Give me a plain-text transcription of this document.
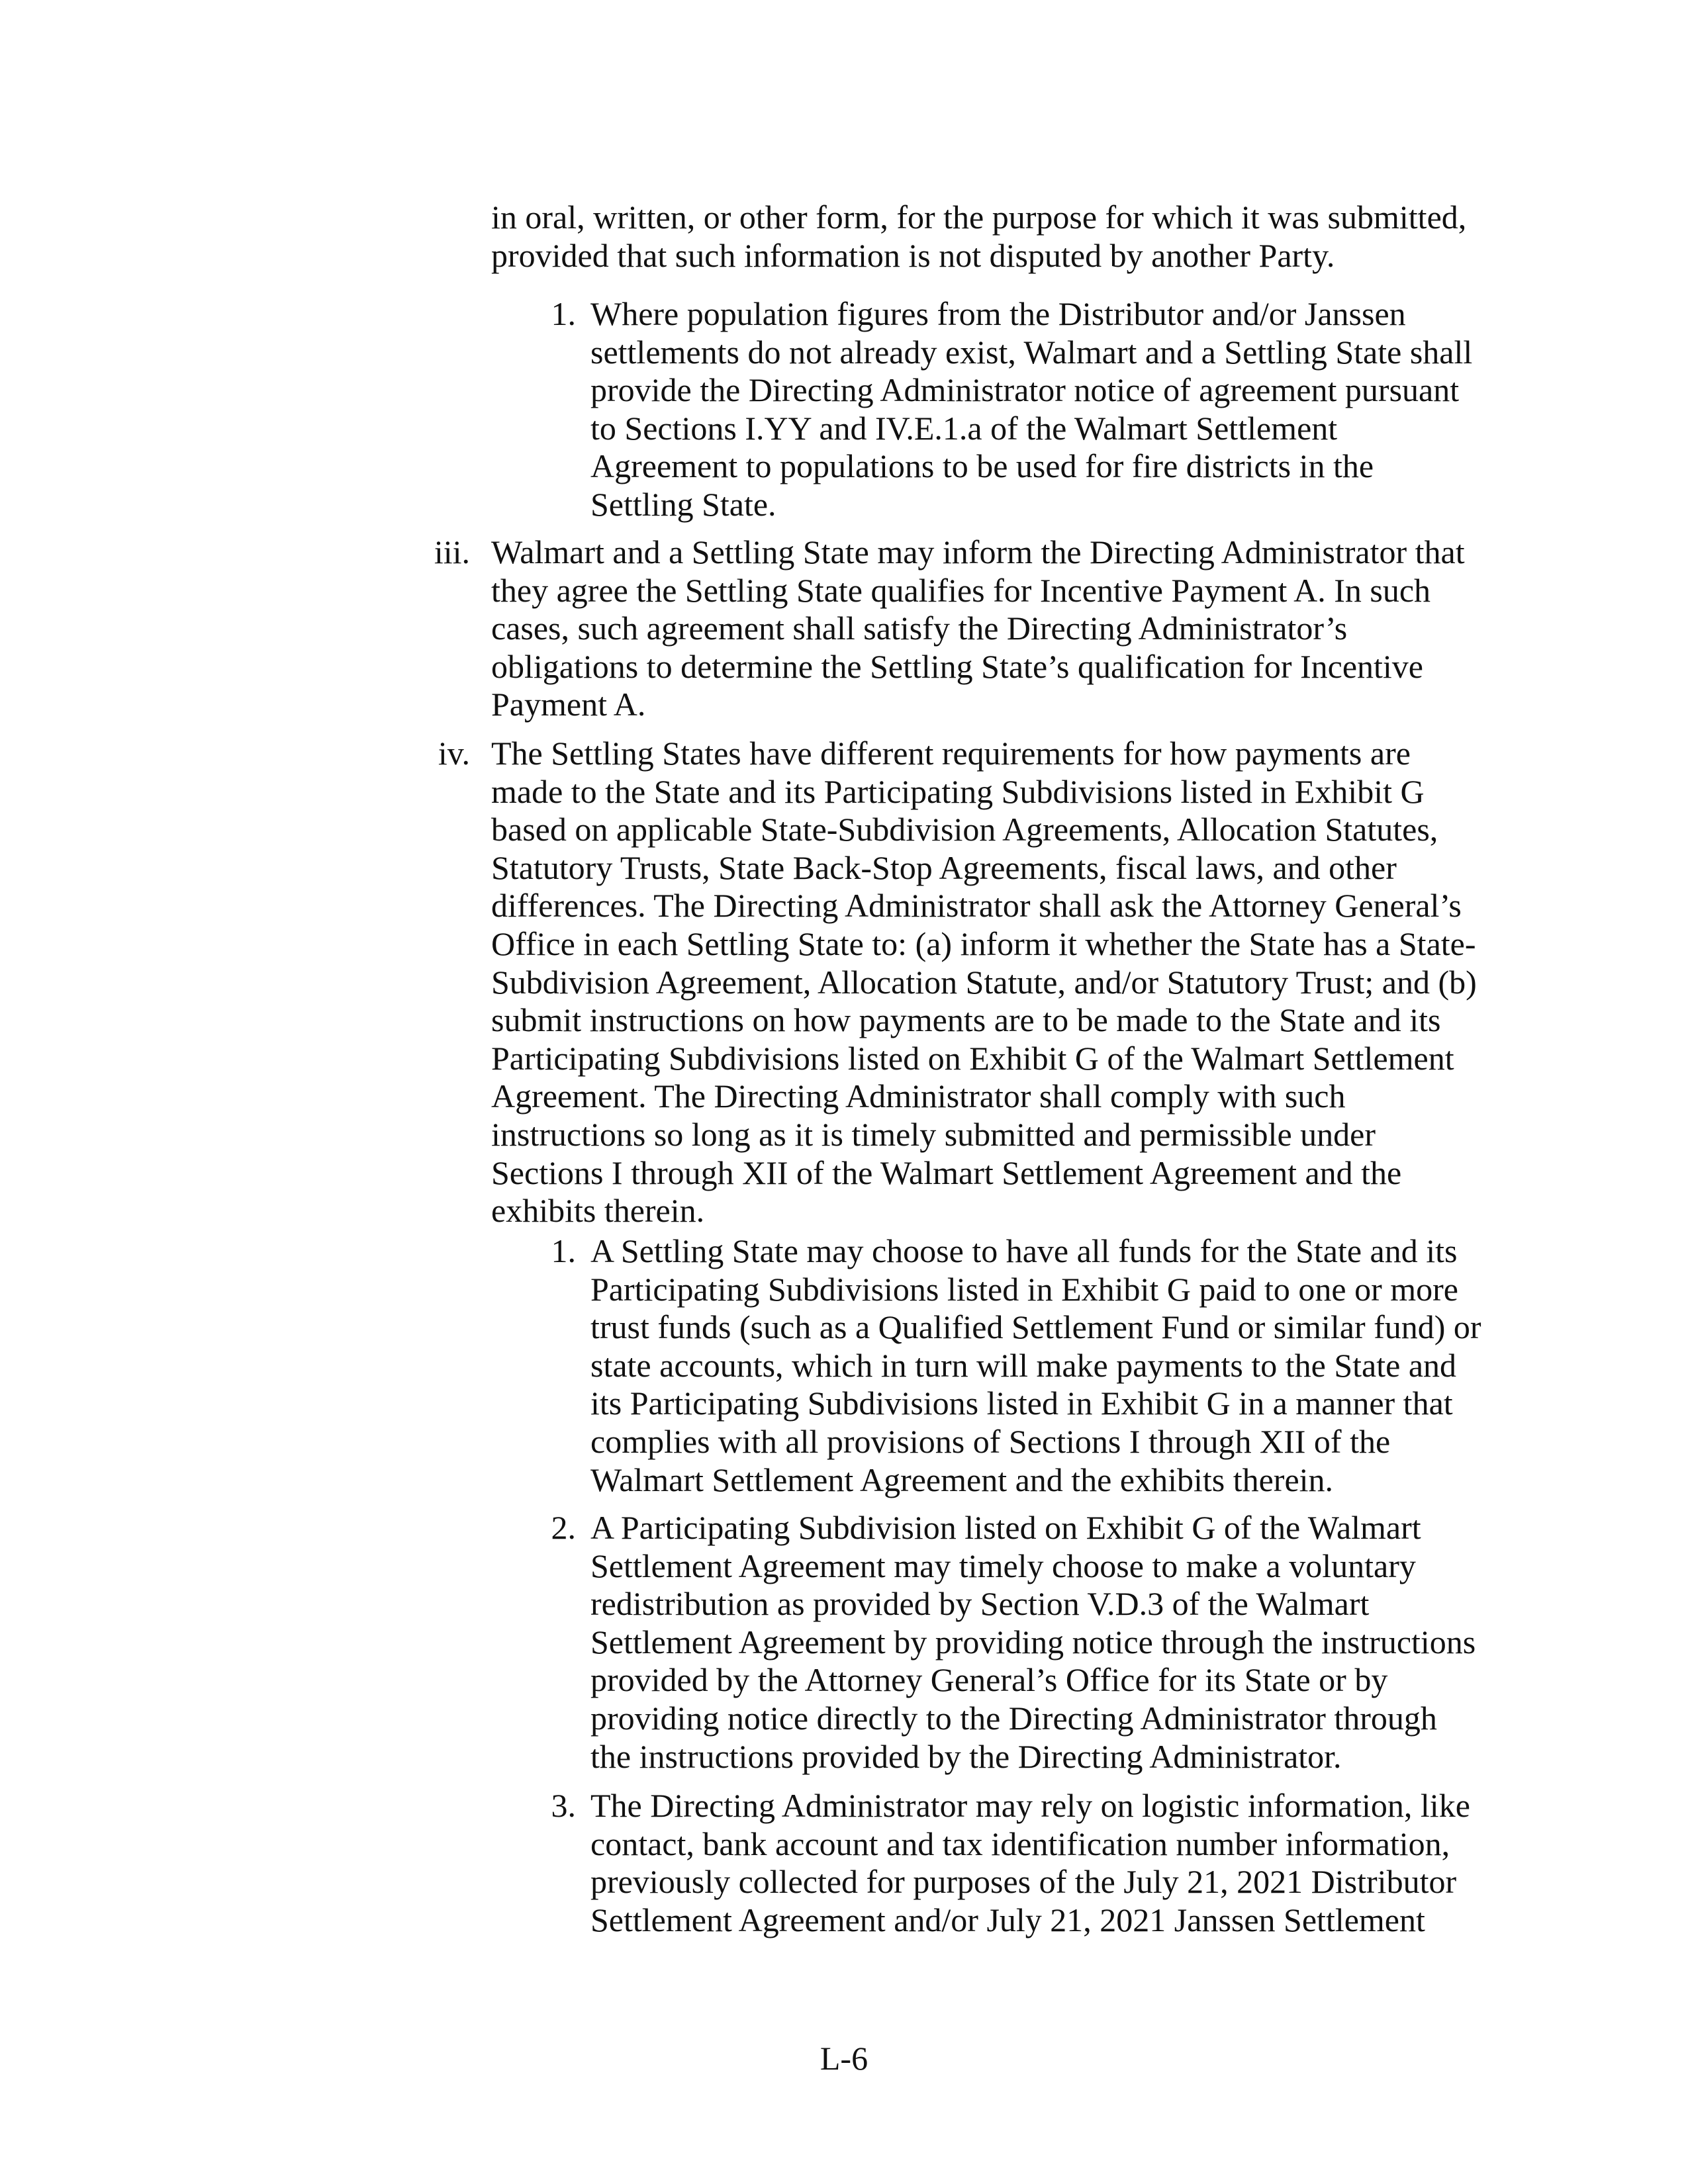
in oral, written, or other form, for the purpose for which it was submitted,
provided that such information is not disputed by another Party.
1. Where population figures from the Distributor and/or Janssen
settlements do not already exist, Walmart and a Settling State shall
provide the Directing Administrator notice of agreement pursuant
to Sections I.YY and IV.E.1.a of the Walmart Settlement
Agreement to populations to be used for fire districts in the
Settling State.
iii. Walmart and a Settling State may inform the Directing Administrator that
they agree the Settling State qualifies for Incentive Payment A. In such
cases, such agreement shall satisfy the Directing Administrator’s
obligations to determine the Settling State’s qualification for Incentive
Payment A.
iv. The Settling States have different requirements for how payments are
made to the State and its Participating Subdivisions listed in Exhibit G
based on applicable State-Subdivision Agreements, Allocation Statutes,
Statutory Trusts, State Back-Stop Agreements, fiscal laws, and other
differences. The Directing Administrator shall ask the Attorney General’s
Office in each Settling State to: (a) inform it whether the State has a State-
Subdivision Agreement, Allocation Statute, and/or Statutory Trust; and (b)
submit instructions on how payments are to be made to the State and its
Participating Subdivisions listed on Exhibit G of the Walmart Settlement
Agreement. The Directing Administrator shall comply with such
instructions so long as it is timely submitted and permissible under
Sections I through XII of the Walmart Settlement Agreement and the
exhibits therein.
1. A Settling State may choose to have all funds for the State and its
Participating Subdivisions listed in Exhibit G paid to one or more
trust funds (such as a Qualified Settlement Fund or similar fund) or
state accounts, which in turn will make payments to the State and
its Participating Subdivisions listed in Exhibit G in a manner that
complies with all provisions of Sections I through XII of the
Walmart Settlement Agreement and the exhibits therein.
2. A Participating Subdivision listed on Exhibit G of the Walmart
Settlement Agreement may timely choose to make a voluntary
redistribution as provided by Section V.D.3 of the Walmart
Settlement Agreement by providing notice through the instructions
provided by the Attorney General’s Office for its State or by
providing notice directly to the Directing Administrator through
the instructions provided by the Directing Administrator.
3. The Directing Administrator may rely on logistic information, like
contact, bank account and tax identification number information,
previously collected for purposes of the July 21, 2021 Distributor
Settlement Agreement and/or July 21, 2021 Janssen Settlement
L-6
